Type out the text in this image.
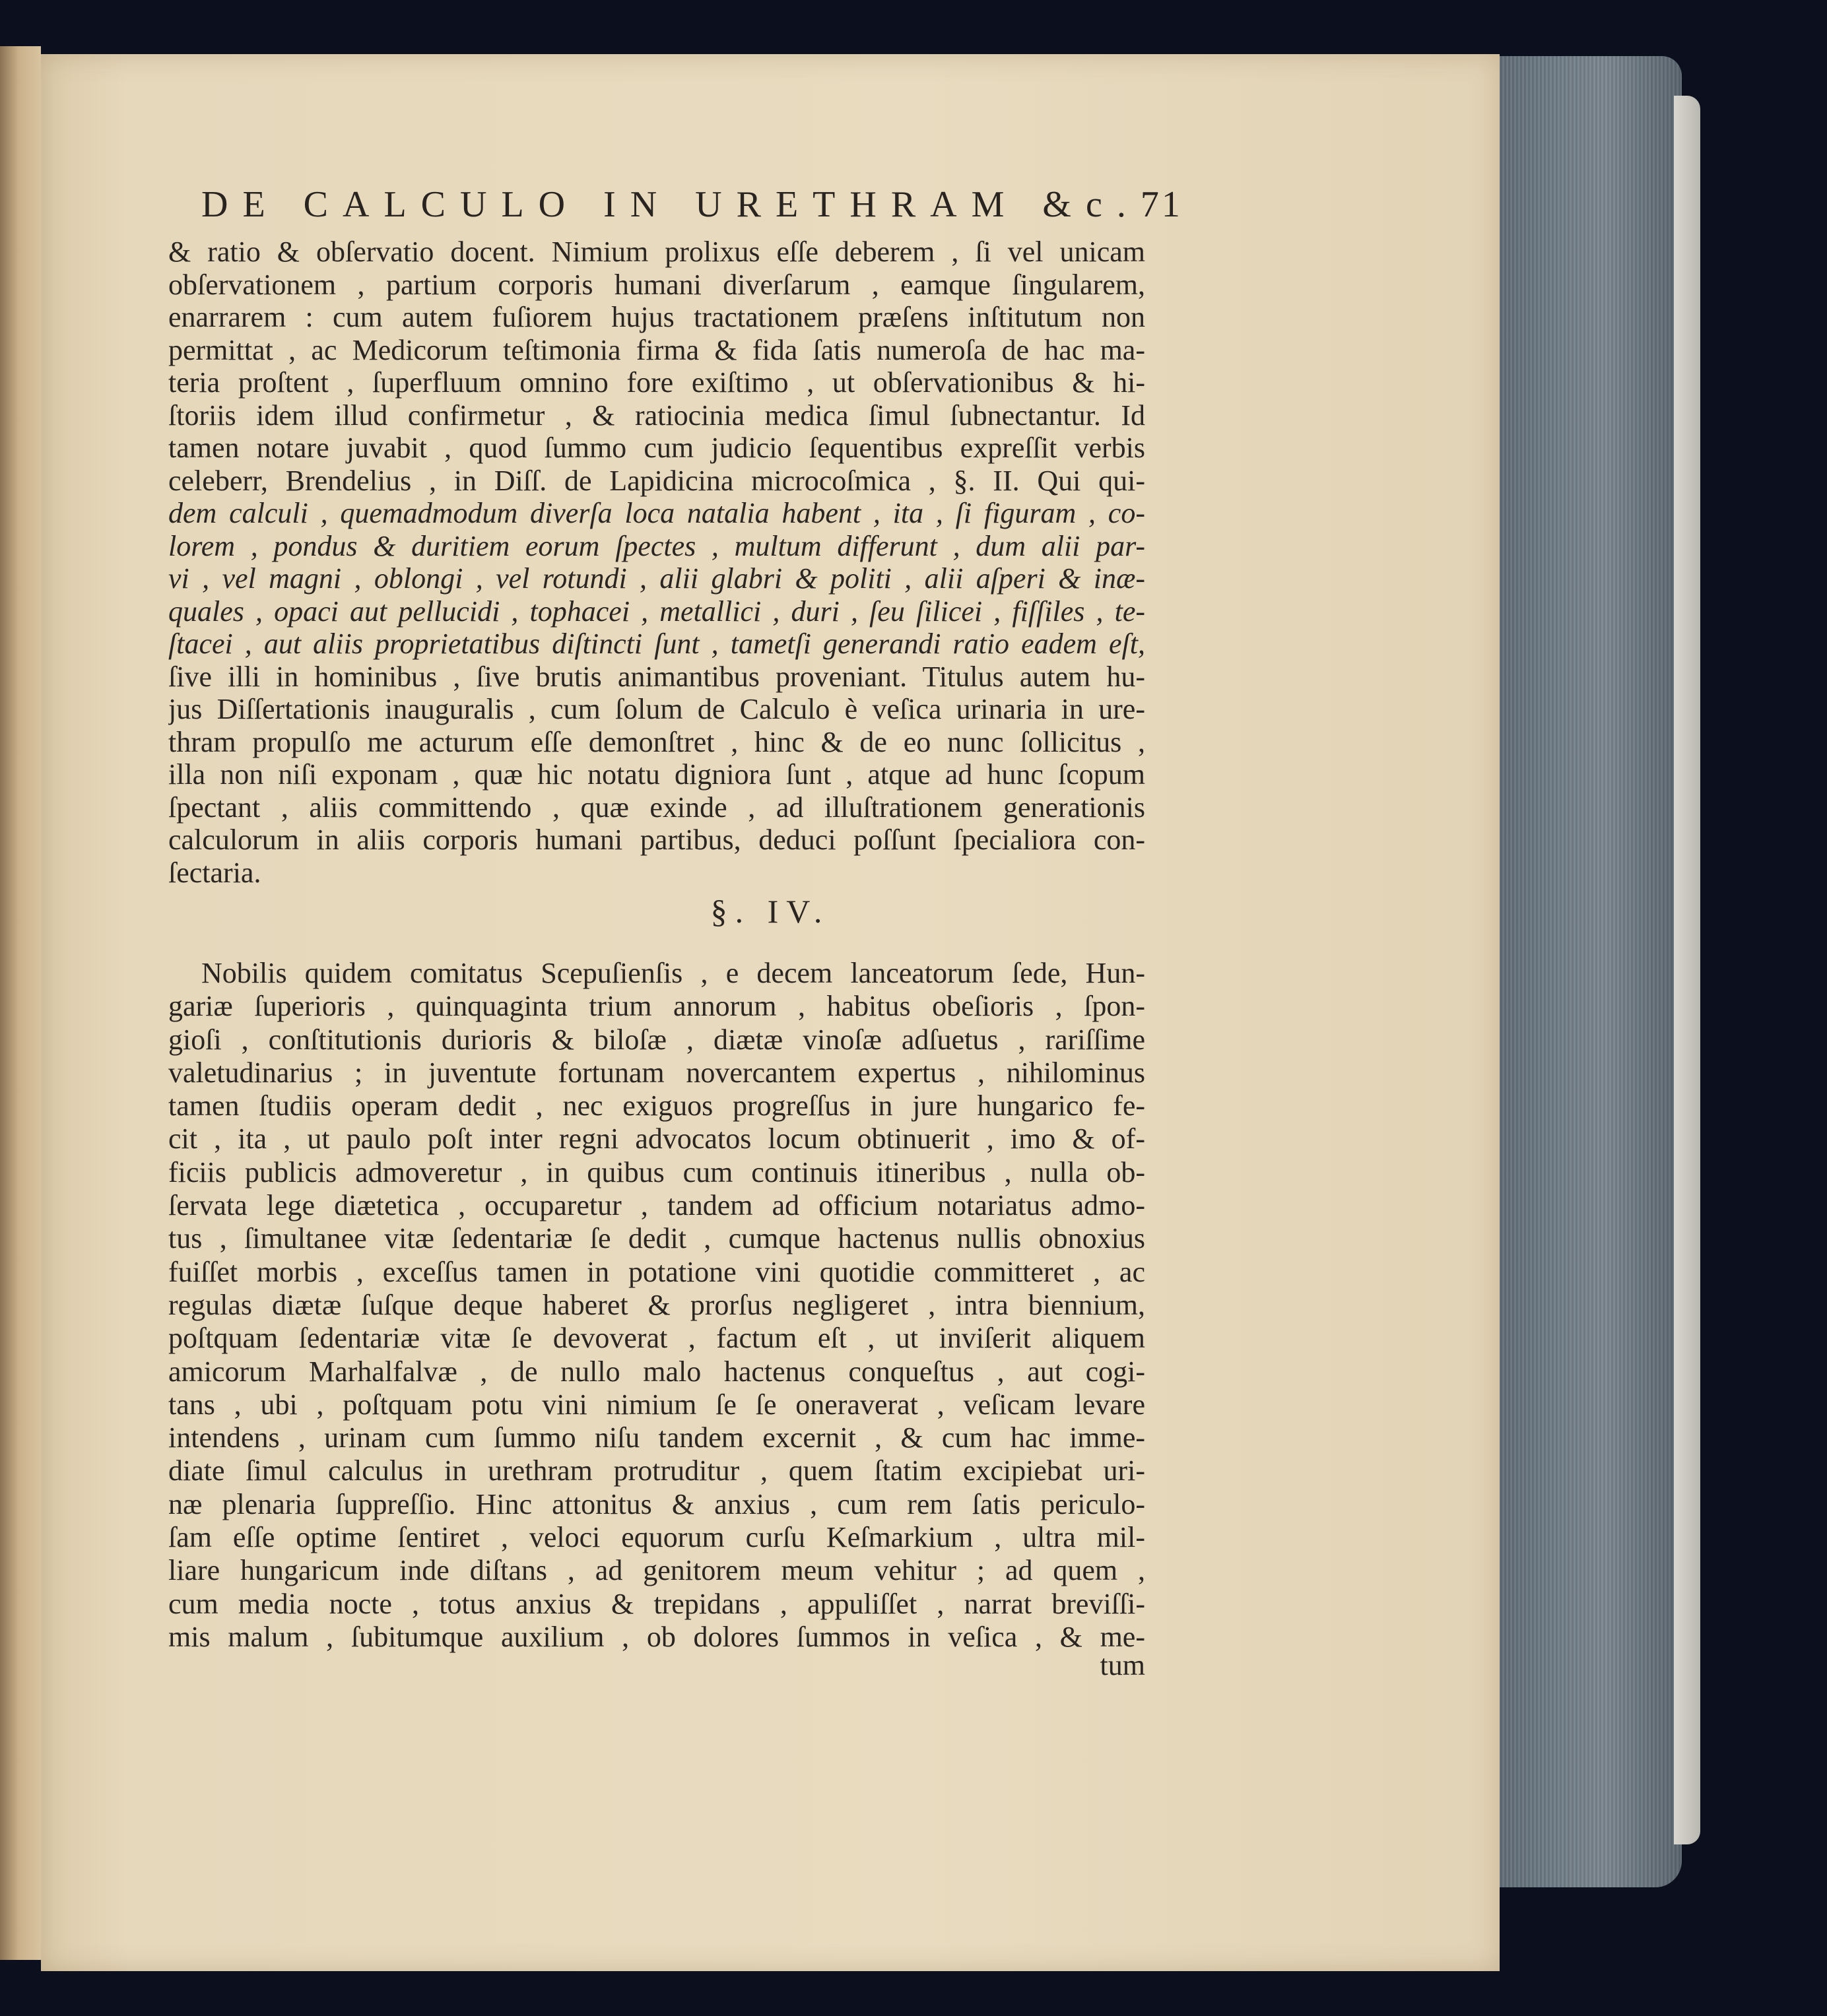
DE CALCULO IN URETHRAM &c. 71
& ratio & obſervatio docent. Nimium prolixus eſſe deberem , ſi vel unicam
obſervationem , partium corporis humani diverſarum , eamque ſingularem,
enarrarem : cum autem fuſiorem hujus tractationem præſens inſtitutum non
permittat , ac Medicorum teſtimonia firma & fida ſatis numeroſa de hac ma-
teria proſtent , ſuperfluum omnino fore exiſtimo , ut obſervationibus & hi-
ſtoriis idem illud confirmetur , & ratiocinia medica ſimul ſubnectantur. Id
tamen notare juvabit , quod ſummo cum judicio ſequentibus expreſſit verbis
celeberr, Brendelius , in Diſſ. de Lapidicina microcoſmica , §. II. Qui qui-
dem calculi , quemadmodum diverſa loca natalia habent , ita , ſi figuram , co-
lorem , pondus & duritiem eorum ſpectes , multum differunt , dum alii par-
vi , vel magni , oblongi , vel rotundi , alii glabri & politi , alii aſperi & inæ-
quales , opaci aut pellucidi , tophacei , metallici , duri , ſeu ſilicei , fiſſiles , te-
ſtacei , aut aliis proprietatibus diſtincti ſunt , tametſi generandi ratio eadem eſt,
ſive illi in hominibus , ſive brutis animantibus proveniant. Titulus autem hu-
jus Diſſertationis inauguralis , cum ſolum de Calculo è veſica urinaria in ure-
thram propulſo me acturum eſſe demonſtret , hinc & de eo nunc ſollicitus ,
illa non niſi exponam , quæ hic notatu digniora ſunt , atque ad hunc ſcopum
ſpectant , aliis committendo , quæ exinde , ad illuſtrationem generationis
calculorum in aliis corporis humani partibus, deduci poſſunt ſpecialiora con-
ſectaria.
§. IV.
Nobilis quidem comitatus Scepuſienſis , e decem lanceatorum ſede, Hun-
gariæ ſuperioris , quinquaginta trium annorum , habitus obeſioris , ſpon-
gioſi , conſtitutionis durioris & biloſæ , diætæ vinoſæ adſuetus , rariſſime
valetudinarius ; in juventute fortunam novercantem expertus , nihilominus
tamen ſtudiis operam dedit , nec exiguos progreſſus in jure hungarico fe-
cit , ita , ut paulo poſt inter regni advocatos locum obtinuerit , imo & of-
ficiis publicis admoveretur , in quibus cum continuis itineribus , nulla ob-
ſervata lege diætetica , occuparetur , tandem ad officium notariatus admo-
tus , ſimultanee vitæ ſedentariæ ſe dedit , cumque hactenus nullis obnoxius
fuiſſet morbis , exceſſus tamen in potatione vini quotidie committeret , ac
regulas diætæ ſuſque deque haberet & prorſus negligeret , intra biennium,
poſtquam ſedentariæ vitæ ſe devoverat , factum eſt , ut inviſerit aliquem
amicorum Marhalfalvæ , de nullo malo hactenus conqueſtus , aut cogi-
tans , ubi , poſtquam potu vini nimium ſe ſe oneraverat , veſicam levare
intendens , urinam cum ſummo niſu tandem excernit , & cum hac imme-
diate ſimul calculus in urethram protruditur , quem ſtatim excipiebat uri-
næ plenaria ſuppreſſio. Hinc attonitus & anxius , cum rem ſatis periculo-
ſam eſſe optime ſentiret , veloci equorum curſu Keſmarkium , ultra mil-
liare hungaricum inde diſtans , ad genitorem meum vehitur ; ad quem ,
cum media nocte , totus anxius & trepidans , appuliſſet , narrat breviſſi-
mis malum , ſubitumque auxilium , ob dolores ſummos in veſica , & me-
tum
